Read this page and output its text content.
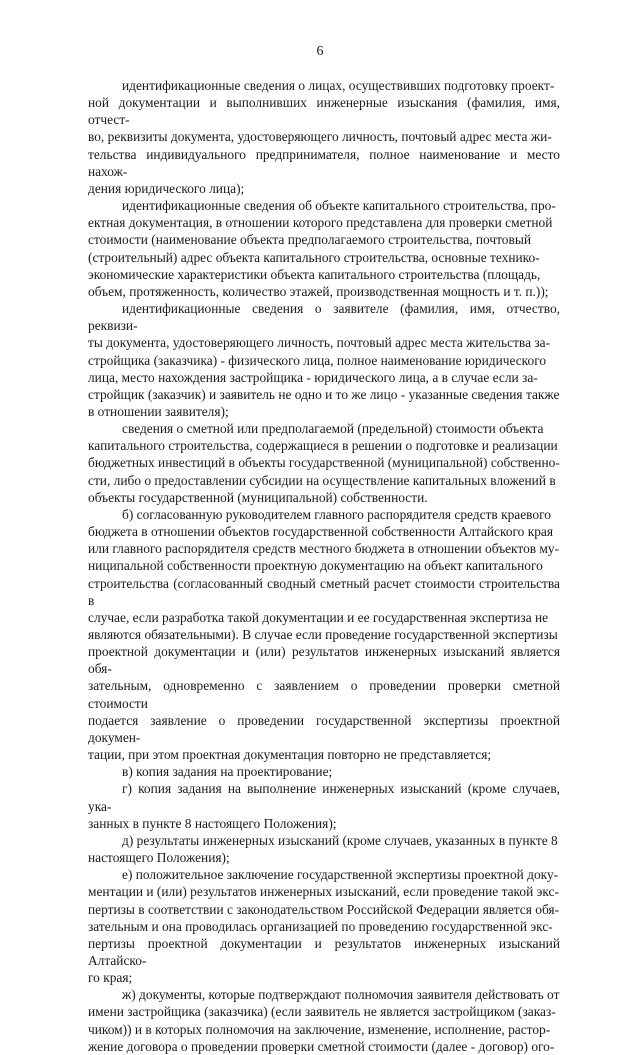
6

идентификационные сведения о лицах, осуществивших подготовку проект-
ной документации и выполнивших инженерные изыскания (фамилия, имя, отчест-
во, реквизиты документа, удостоверяющего личность, почтовый адрес места жи-
тельства индивидуального предпринимателя, полное наименование и место нахож-
дения юридического лица);

идентификационные сведения об объекте капитального строительства, про-
ектная документация, в отношении которого представлена для проверки сметной
стоимости (наименование объекта предполагаемого строительства, почтовый
(строительный) адрес объекта капитального строительства, основные технико-
экономические характеристики объекта капитального строительства (площадь,
объем, протяженность, количество этажей, производственная мощность и т. п.));

идентификационные сведения о заявителе (фамилия, имя, отчество, реквизи-
ты документа, удостоверяющего личность, почтовый адрес места жительства за-
стройщика (заказчика) - физического лица, полное наименование юридического
лица, место нахождения застройщика - юридического лица, а в случае если за-
стройщик (заказчик) и заявитель не одно и то же лицо - указанные сведения также
в отношении заявителя);

сведения о сметной или предполагаемой (предельной) стоимости объекта
капитального строительства, содержащиеся в решении о подготовке и реализации
бюджетных инвестиций в объекты государственной (муниципальной) собственно-
сти, либо о предоставлении субсидии на осуществление капитальных вложений в
объекты государственной (муниципальной) собственности.

б) согласованную руководителем главного распорядителя средств краевого
бюджета в отношении объектов государственной собственности Алтайского края
или главного распорядителя средств местного бюджета в отношении объектов му-
ниципальной собственности проектную документацию на объект капитального
строительства (согласованный сводный сметный расчет стоимости строительства в
случае, если разработка такой документации и ее государственная экспертиза не
являются обязательными). В случае если проведение государственной экспертизы
проектной документации и (или) результатов инженерных изысканий является обя-
зательным, одновременно с заявлением о проведении проверки сметной стоимости
подается заявление о проведении государственной экспертизы проектной докумен-
тации, при этом проектная документация повторно не представляется;

в) копия задания на проектирование;

г) копия задания на выполнение инженерных изысканий (кроме случаев, ука-
занных в пункте 8 настоящего Положения);

д) результаты инженерных изысканий (кроме случаев, указанных в пункте 8
настоящего Положения);

е) положительное заключение государственной экспертизы проектной доку-
ментации и (или) результатов инженерных изысканий, если проведение такой экс-
пертизы в соответствии с законодательством Российской Федерации является обя-
зательным и она проводилась организацией по проведению государственной экс-
пертизы проектной документации и результатов инженерных изысканий Алтайско-
го края;

ж) документы, которые подтверждают полномочия заявителя действовать от
имени застройщика (заказчика) (если заявитель не является застройщиком (заказ-
чиком)) и в которых полномочия на заключение, изменение, исполнение, растор-
жение договора о проведении проверки сметной стоимости (далее - договор) ого-
